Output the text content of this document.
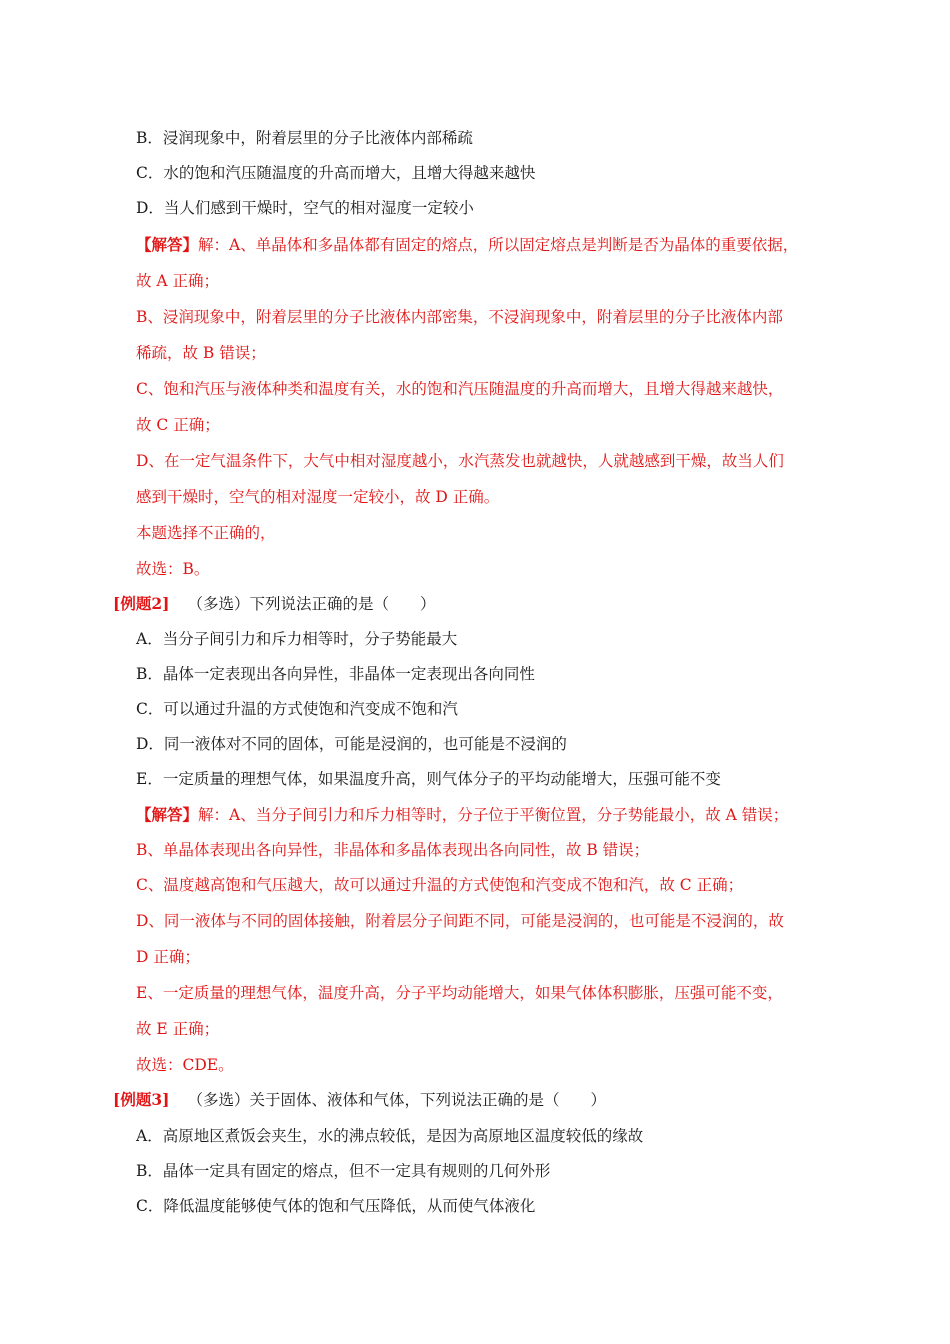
B．浸润现象中，附着层里的分子比液体内部稀疏
C．水的饱和汽压随温度的升高而增大，且增大得越来越快
D．当人们感到干燥时，空气的相对湿度一定较小
【解答】解：A、单晶体和多晶体都有固定的熔点，所以固定熔点是判断是否为晶体的重要依据，
故 A 正确；
B、浸润现象中，附着层里的分子比液体内部密集，不浸润现象中，附着层里的分子比液体内部
稀疏，故 B 错误；
C、饱和汽压与液体种类和温度有关，水的饱和汽压随温度的升高而增大，且增大得越来越快，
故 C 正确；
D、在一定气温条件下，大气中相对湿度越小，水汽蒸发也就越快，人就越感到干燥，故当人们
感到干燥时，空气的相对湿度一定较小，故 D 正确。
本题选择不正确的，
故选：B。
[例题2] （多选）下列说法正确的是（　　）
A．当分子间引力和斥力相等时，分子势能最大
B．晶体一定表现出各向异性，非晶体一定表现出各向同性
C．可以通过升温的方式使饱和汽变成不饱和汽
D．同一液体对不同的固体，可能是浸润的，也可能是不浸润的
E．一定质量的理想气体，如果温度升高，则气体分子的平均动能增大，压强可能不变
【解答】解：A、当分子间引力和斥力相等时，分子位于平衡位置，分子势能最小，故 A 错误；
B、单晶体表现出各向异性，非晶体和多晶体表现出各向同性，故 B 错误；
C、温度越高饱和气压越大，故可以通过升温的方式使饱和汽变成不饱和汽，故 C 正确；
D、同一液体与不同的固体接触，附着层分子间距不同，可能是浸润的，也可能是不浸润的，故
D 正确；
E、一定质量的理想气体，温度升高，分子平均动能增大，如果气体体积膨胀，压强可能不变，
故 E 正确；
故选：CDE。
[例题3] （多选）关于固体、液体和气体，下列说法正确的是（　　）
A．高原地区煮饭会夹生，水的沸点较低，是因为高原地区温度较低的缘故
B．晶体一定具有固定的熔点，但不一定具有规则的几何外形
C．降低温度能够使气体的饱和气压降低，从而使气体液化
